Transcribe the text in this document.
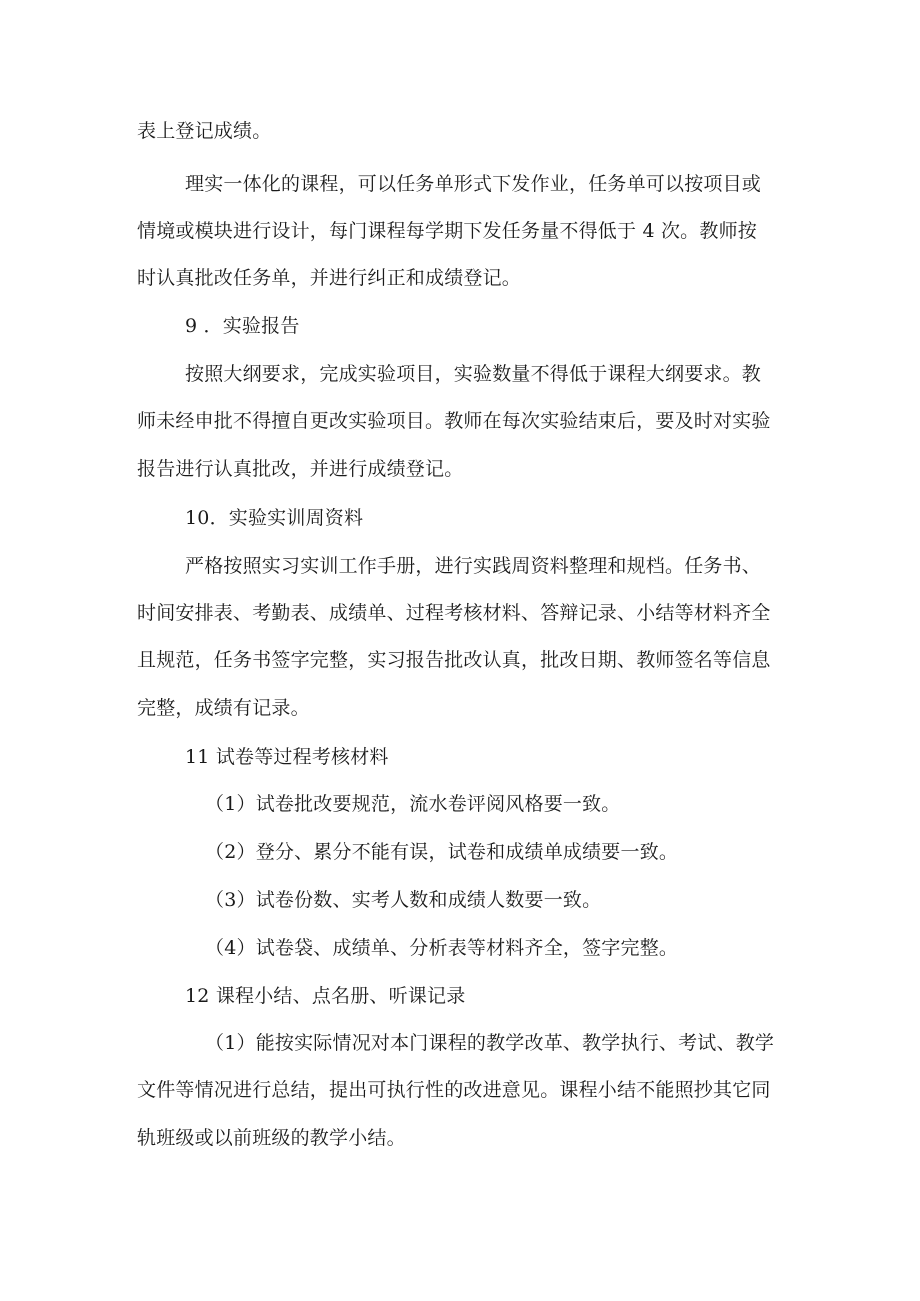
表上登记成绩。
理实一体化的课程，可以任务单形式下发作业，任务单可以按项目或
情境或模块进行设计，每门课程每学期下发任务量不得低于 4 次。教师按
时认真批改任务单，并进行纠正和成绩登记。
9 ．实验报告
按照大纲要求，完成实验项目，实验数量不得低于课程大纲要求。教
师未经申批不得擅自更改实验项目。教师在每次实验结束后，要及时对实验
报告进行认真批改，并进行成绩登记。
10．实验实训周资料
严格按照实习实训工作手册，进行实践周资料整理和规档。任务书、
时间安排表、考勤表、成绩单、过程考核材料、答辩记录、小结等材料齐全
且规范，任务书签字完整，实习报告批改认真，批改日期、教师签名等信息
完整，成绩有记录。
11 试卷等过程考核材料
（1）试卷批改要规范，流水卷评阅风格要一致。
（2）登分、累分不能有误，试卷和成绩单成绩要一致。
（3）试卷份数、实考人数和成绩人数要一致。
（4）试卷袋、成绩单、分析表等材料齐全，签字完整。
12 课程小结、点名册、听课记录
（1）能按实际情况对本门课程的教学改革、教学执行、考试、教学
文件等情况进行总结，提出可执行性的改进意见。课程小结不能照抄其它同
轨班级或以前班级的教学小结。
